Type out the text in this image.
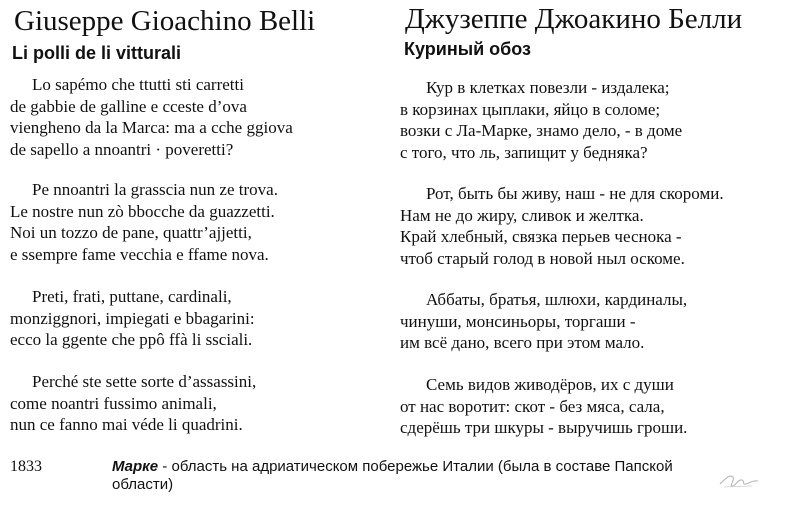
Giuseppe Gioachino Belli
Li polli de li vitturali
Lo sapémo che ttutti sti carretti
de gabbie de galline e cceste d’ova
viengheno da la Marca: ma a cche ggiova
de sapello a nnoantri · poveretti?
Pe nnoantri la grasscia nun ze trova.
Le nostre nun zò bbocche da guazzetti.
Noi un tozzo de pane, quattr’ajjetti,
e ssempre fame vecchia e ffame nova.
Preti, frati, puttane, cardinali,
monziggnori, impiegati e bbagarini:
ecco la ggente che ppô ffà li ssciali.
Perché ste sette sorte d’assassini,
come noantri fussimo animali,
nun ce fanno mai véde li quadrini.
Джузеппе Джоакино Белли
Куриный обоз
Кур в клетках повезли - издалека;
в корзинах цыплаки, яйцо в соломе;
возки с Ла-Марке, знамо дело, - в доме
с того, что ль, запищит у бедняка?
Рот, быть бы живу, наш - не для скороми.
Нам не до жиру, сливок и желтка.
Край хлебный, связка перьев чеснока -
чтоб старый голод в новой ныл оскоме.
Аббаты, братья, шлюхи, кардиналы,
чинуши, монсиньоры, торгаши -
им всё дано, всего при этом мало.
Семь видов живодёров, их с души
от нас воротит: скот - без мяса, сала,
сдерёшь три шкуры - выручишь гроши.
1833	Марке - область на адриатическом побережье Италии (была в составе Папской области)
